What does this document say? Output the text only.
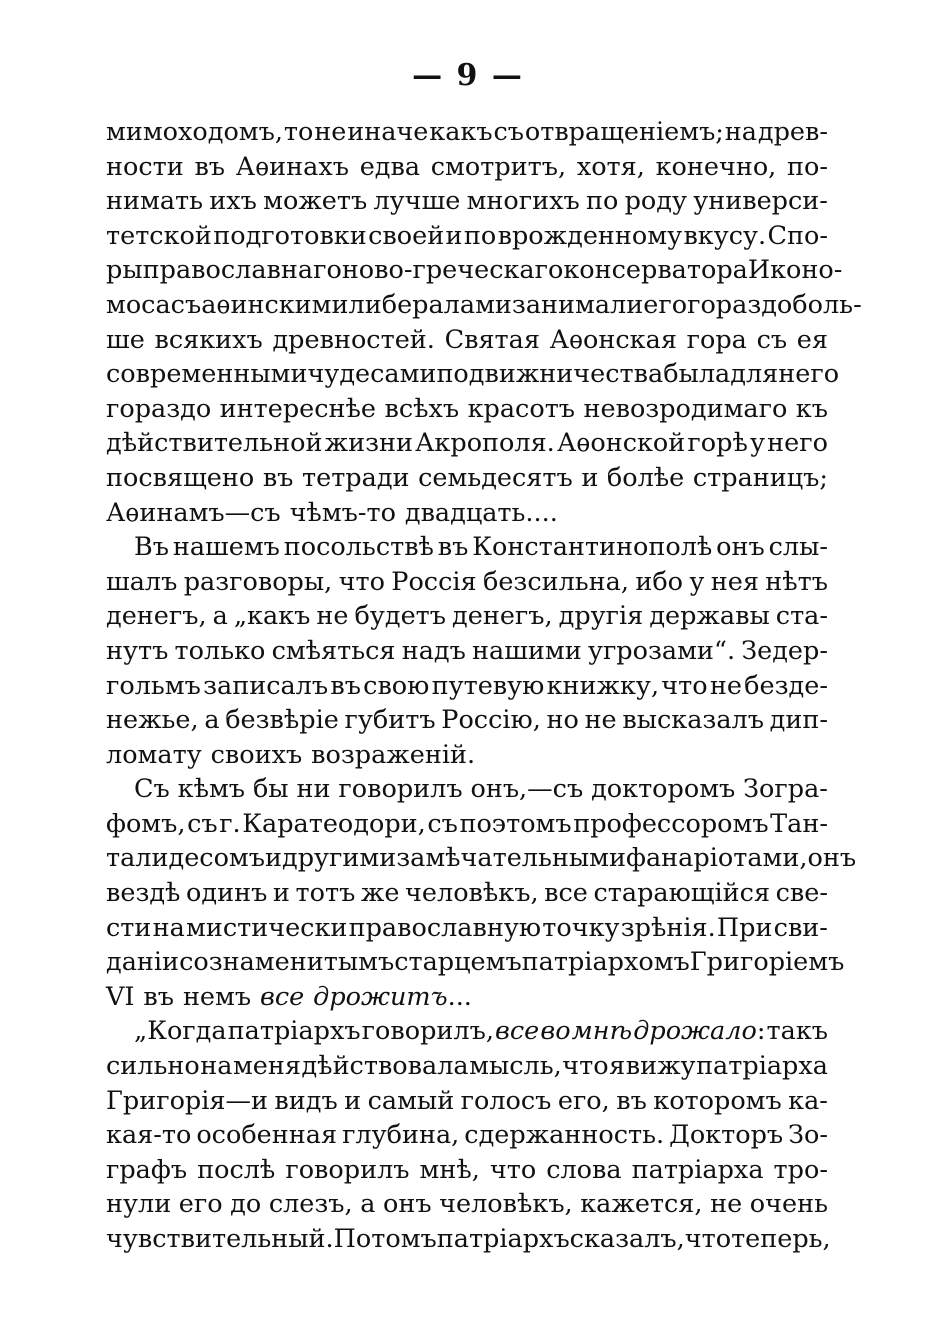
— 9 —
мимоходомъ, то не иначе какъ съ отвращеніемъ; на древ-
ности въ Аѳинахъ едва смотритъ, хотя, конечно, по-
нимать ихъ можетъ лучше многихъ по роду универси-
тетской подготовки своей и по врожденному вкусу. Спо-
ры православнаго ново-греческаго консерватора Иконо-
моса съ аѳинскими либералами занимали его гораздо боль-
ше всякихъ древностей. Святая Аѳонская гора съ ея
современными чудесами подвижничества была для него
гораздо интереснѣе всѣхъ красотъ невозродимаго къ
дѣйствительной жизни Акрополя. Аѳонской горѣ у него
посвящено въ тетради семьдесятъ и болѣе страницъ;
Аѳинамъ—съ чѣмъ-то двадцать....
Въ нашемъ посольствѣ въ Константинополѣ онъ слы-
шалъ разговоры, что Россія безсильна, ибо у нея нѣтъ
денегъ, а „какъ не будетъ денегъ, другія державы ста-
нутъ только смѣяться надъ нашими угрозами“. Зедер-
гольмъ записалъ въ свою путевую книжку, что не безде-
нежье, а безвѣріе губитъ Россію, но не высказалъ дип-
ломату своихъ возраженій.
Съ кѣмъ бы ни говорилъ онъ,—съ докторомъ Зогра-
фомъ, съ г. Каратеодори, съ поэтомъ профессоромъ Тан-
талидесомъ и другими замѣчательными фанаріотами, онъ
вездѣ одинъ и тотъ же человѣкъ, все старающійся све-
сти на мистически православную точку зрѣнія. При сви-
даніи со знаменитымъ старцемъ патріархомъ Григоріемъ
VI въ немъ все дрожитъ...
„Когда патріархъ говорилъ, все во мнѣ дрожало: такъ
сильно на меня дѣйствовала мысль, что я вижу патріарха
Григорія—и видъ и самый голосъ его, въ которомъ ка-
кая-то особенная глубина, сдержанность. Докторъ Зо-
графъ послѣ говорилъ мнѣ, что слова патріарха тро-
нули его до слезъ, а онъ человѣкъ, кажется, не очень
чувствительный. Потомъ патріархъ сказалъ, что теперь,
